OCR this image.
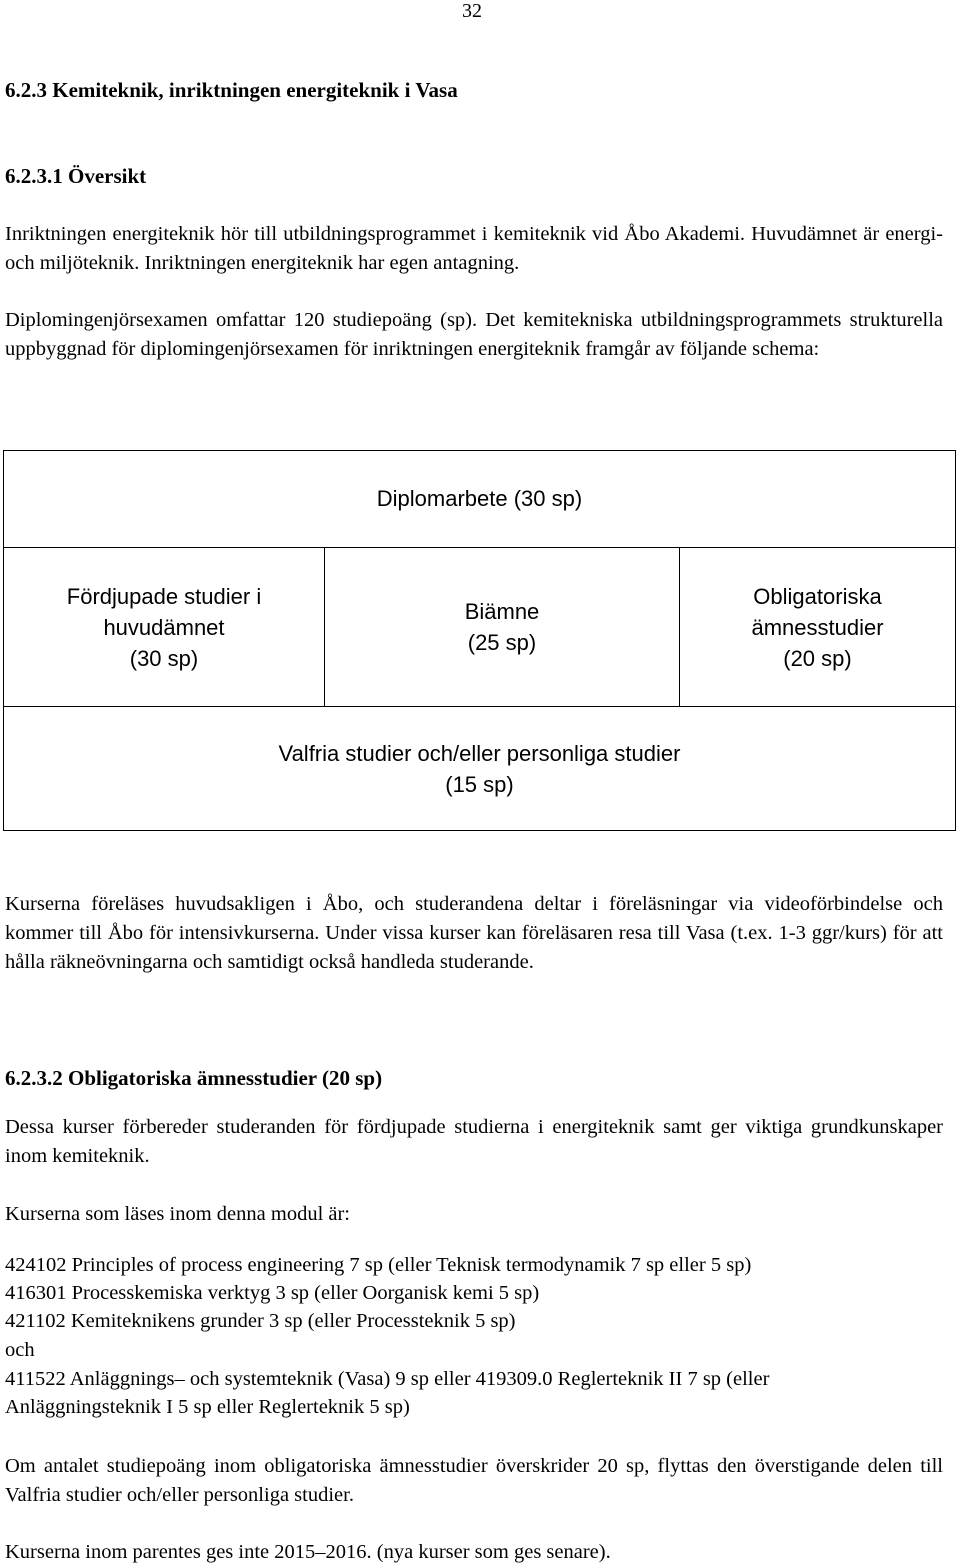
32
6.2.3 Kemiteknik, inriktningen energiteknik i Vasa
6.2.3.1 Översikt
Inriktningen energiteknik hör till utbildningsprogrammet i kemiteknik vid Åbo Akademi. Huvudämnet är energi- och miljöteknik. Inriktningen energiteknik har egen antagning.
Diplomingenjörsexamen omfattar 120 studiepoäng (sp). Det kemitekniska utbildningsprogrammets strukturella uppbyggnad för diplomingenjörsexamen för inriktningen energiteknik framgår av följande schema:
Diplomarbete (30 sp)
Fördjupade studier i
huvudämnet
(30 sp)
Biämne
(25 sp)
Obligatoriska
ämnesstudier
(20 sp)
Valfria studier och/eller personliga studier
(15 sp)
Kurserna föreläses huvudsakligen i Åbo, och studerandena deltar i föreläsningar via videoförbindelse och kommer till Åbo för intensivkurserna. Under vissa kurser kan föreläsaren resa till Vasa (t.ex. 1-3 ggr/kurs) för att hålla räkneövningarna och samtidigt också handleda studerande.
6.2.3.2 Obligatoriska ämnesstudier (20 sp)
Dessa kurser förbereder studeranden för fördjupade studierna i energiteknik samt ger viktiga grundkunskaper inom kemiteknik.
Kurserna som läses inom denna modul är:
424102 Principles of process engineering 7 sp (eller Teknisk termodynamik 7 sp eller 5 sp)
416301 Processkemiska verktyg 3 sp (eller Oorganisk kemi 5 sp)
421102 Kemiteknikens grunder 3 sp (eller Processteknik 5 sp)
och
411522 Anläggnings– och systemteknik (Vasa) 9 sp eller 419309.0 Reglerteknik II 7 sp (eller
Anläggningsteknik I 5 sp eller Reglerteknik 5 sp)
Om antalet studiepoäng inom obligatoriska ämnesstudier överskrider 20 sp, flyttas den överstigande delen till Valfria studier och/eller personliga studier.
Kurserna inom parentes ges inte 2015–2016. (nya kurser som ges senare).
